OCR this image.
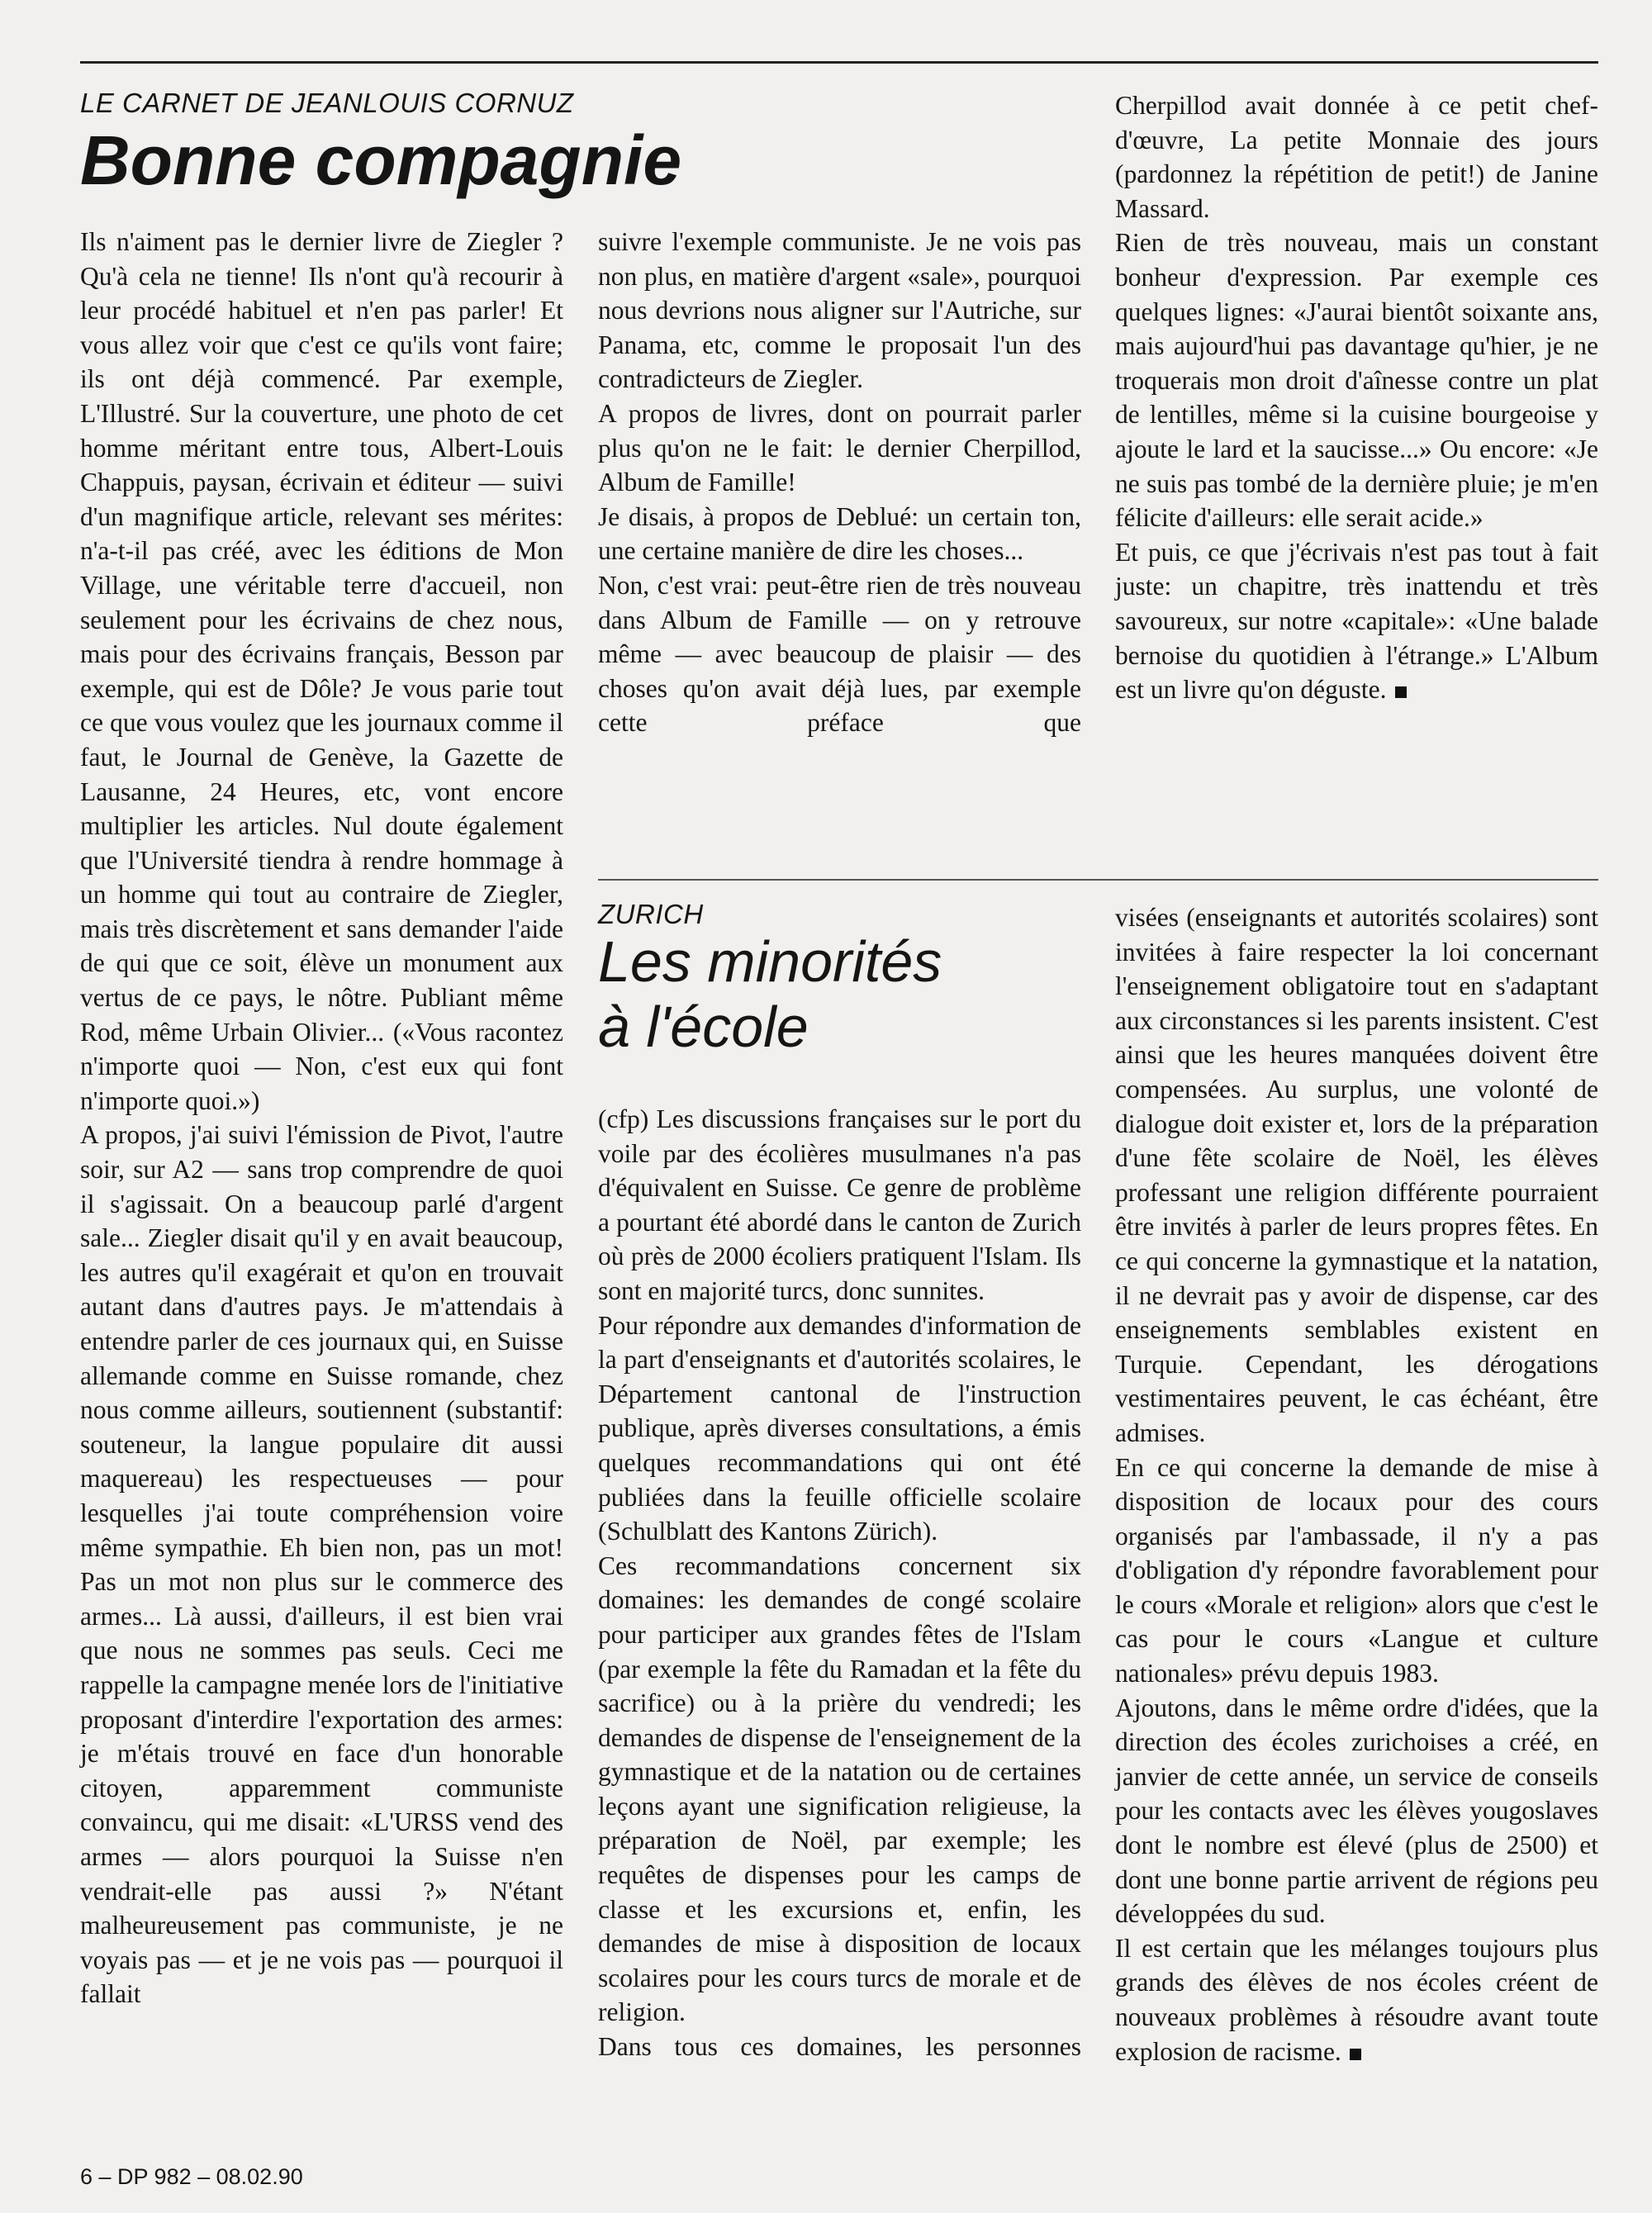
LE CARNET DE JEANLOUIS CORNUZ
Bonne compagnie

Ils n'aiment pas le dernier livre de Ziegler ? Qu'à cela ne tienne! Ils n'ont qu'à recourir à leur procédé habituel et n'en pas parler! Et vous allez voir que c'est ce qu'ils vont faire; ils ont déjà commencé. Par exemple, L'Illustré. Sur la couverture, une photo de cet homme méritant entre tous, Albert-Louis Chappuis, paysan, écrivain et éditeur — suivi d'un magnifique article, relevant ses mérites: n'a-t-il pas créé, avec les éditions de Mon Village, une véritable terre d'accueil, non seulement pour les écrivains de chez nous, mais pour des écrivains français, Besson par exemple, qui est de Dôle? Je vous parie tout ce que vous voulez que les journaux comme il faut, le Journal de Genève, la Gazette de Lausanne, 24 Heures, etc, vont encore multiplier les articles. Nul doute également que l'Université tiendra à rendre hommage à un homme qui tout au contraire de Ziegler, mais très discrètement et sans demander l'aide de qui que ce soit, élève un monument aux vertus de ce pays, le nôtre. Publiant même Rod, même Urbain Olivier... («Vous racontez n'importe quoi — Non, c'est eux qui font n'importe quoi.»)

A propos, j'ai suivi l'émission de Pivot, l'autre soir, sur A2 — sans trop comprendre de quoi il s'agissait. On a beaucoup parlé d'argent sale... Ziegler disait qu'il y en avait beaucoup, les autres qu'il exagérait et qu'on en trouvait autant dans d'autres pays. Je m'attendais à entendre parler de ces journaux qui, en Suisse allemande comme en Suisse romande, chez nous comme ailleurs, soutiennent (substantif: souteneur, la langue populaire dit aussi maquereau) les respectueuses — pour lesquelles j'ai toute compréhension voire même sympathie. Eh bien non, pas un mot! Pas un mot non plus sur le commerce des armes... Là aussi, d'ailleurs, il est bien vrai que nous ne sommes pas seuls. Ceci me rappelle la campagne menée lors de l'initiative proposant d'interdire l'exportation des armes: je m'étais trouvé en face d'un honorable citoyen, apparemment communiste convaincu, qui me disait: «L'URSS vend des armes — alors pourquoi la Suisse n'en vendrait-elle pas aussi ?» N'étant malheureusement pas communiste, je ne voyais pas — et je ne vois pas — pourquoi il fallait

suivre l'exemple communiste. Je ne vois pas non plus, en matière d'argent «sale», pourquoi nous devrions nous aligner sur l'Autriche, sur Panama, etc, comme le proposait l'un des contradicteurs de Ziegler.

A propos de livres, dont on pourrait parler plus qu'on ne le fait: le dernier Cherpillod, Album de Famille!

Je disais, à propos de Deblué: un certain ton, une certaine manière de dire les choses...

Non, c'est vrai: peut-être rien de très nouveau dans Album de Famille — on y retrouve même — avec beaucoup de plaisir — des choses qu'on avait déjà lues, par exemple cette préface que

Cherpillod avait donnée à ce petit chef-d'œuvre, La petite Monnaie des jours (pardonnez la répétition de petit!) de Janine Massard.

Rien de très nouveau, mais un constant bonheur d'expression. Par exemple ces quelques lignes: «J'aurai bientôt soixante ans, mais aujourd'hui pas davantage qu'hier, je ne troquerais mon droit d'aînesse contre un plat de lentilles, même si la cuisine bourgeoise y ajoute le lard et la saucisse...» Ou encore: «Je ne suis pas tombé de la dernière pluie; je m'en félicite d'ailleurs: elle serait acide.»

Et puis, ce que j'écrivais n'est pas tout à fait juste: un chapitre, très inattendu et très savoureux, sur notre «capitale»: «Une balade bernoise du quotidien à l'étrange.» L'Album est un livre qu'on déguste.

ZURICH
Les minorités
à l'école

(cfp) Les discussions françaises sur le port du voile par des écolières musulmanes n'a pas d'équivalent en Suisse. Ce genre de problème a pourtant été abordé dans le canton de Zurich où près de 2000 écoliers pratiquent l'Islam. Ils sont en majorité turcs, donc sunnites.

Pour répondre aux demandes d'information de la part d'enseignants et d'autorités scolaires, le Département cantonal de l'instruction publique, après diverses consultations, a émis quelques recommandations qui ont été publiées dans la feuille officielle scolaire (Schulblatt des Kantons Zürich).

Ces recommandations concernent six domaines: les demandes de congé scolaire pour participer aux grandes fêtes de l'Islam (par exemple la fête du Ramadan et la fête du sacrifice) ou à la prière du vendredi; les demandes de dispense de l'enseignement de la gymnastique et de la natation ou de certaines leçons ayant une signification religieuse, la préparation de Noël, par exemple; les requêtes de dispenses pour les camps de classe et les excursions et, enfin, les demandes de mise à disposition de locaux scolaires pour les cours turcs de morale et de religion.

Dans tous ces domaines, les personnes

visées (enseignants et autorités scolaires) sont invitées à faire respecter la loi concernant l'enseignement obligatoire tout en s'adaptant aux circonstances si les parents insistent. C'est ainsi que les heures manquées doivent être compensées. Au surplus, une volonté de dialogue doit exister et, lors de la préparation d'une fête scolaire de Noël, les élèves professant une religion différente pourraient être invités à parler de leurs propres fêtes. En ce qui concerne la gymnastique et la natation, il ne devrait pas y avoir de dispense, car des enseignements semblables existent en Turquie. Cependant, les dérogations vestimentaires peuvent, le cas échéant, être admises.

En ce qui concerne la demande de mise à disposition de locaux pour des cours organisés par l'ambassade, il n'y a pas d'obligation d'y répondre favorablement pour le cours «Morale et religion» alors que c'est le cas pour le cours «Langue et culture nationales» prévu depuis 1983.

Ajoutons, dans le même ordre d'idées, que la direction des écoles zurichoises a créé, en janvier de cette année, un service de conseils pour les contacts avec les élèves yougoslaves dont le nombre est élevé (plus de 2500) et dont une bonne partie arrivent de régions peu développées du sud.

Il est certain que les mélanges toujours plus grands des élèves de nos écoles créent de nouveaux problèmes à résoudre avant toute explosion de racisme.

6 – DP 982 – 08.02.90
